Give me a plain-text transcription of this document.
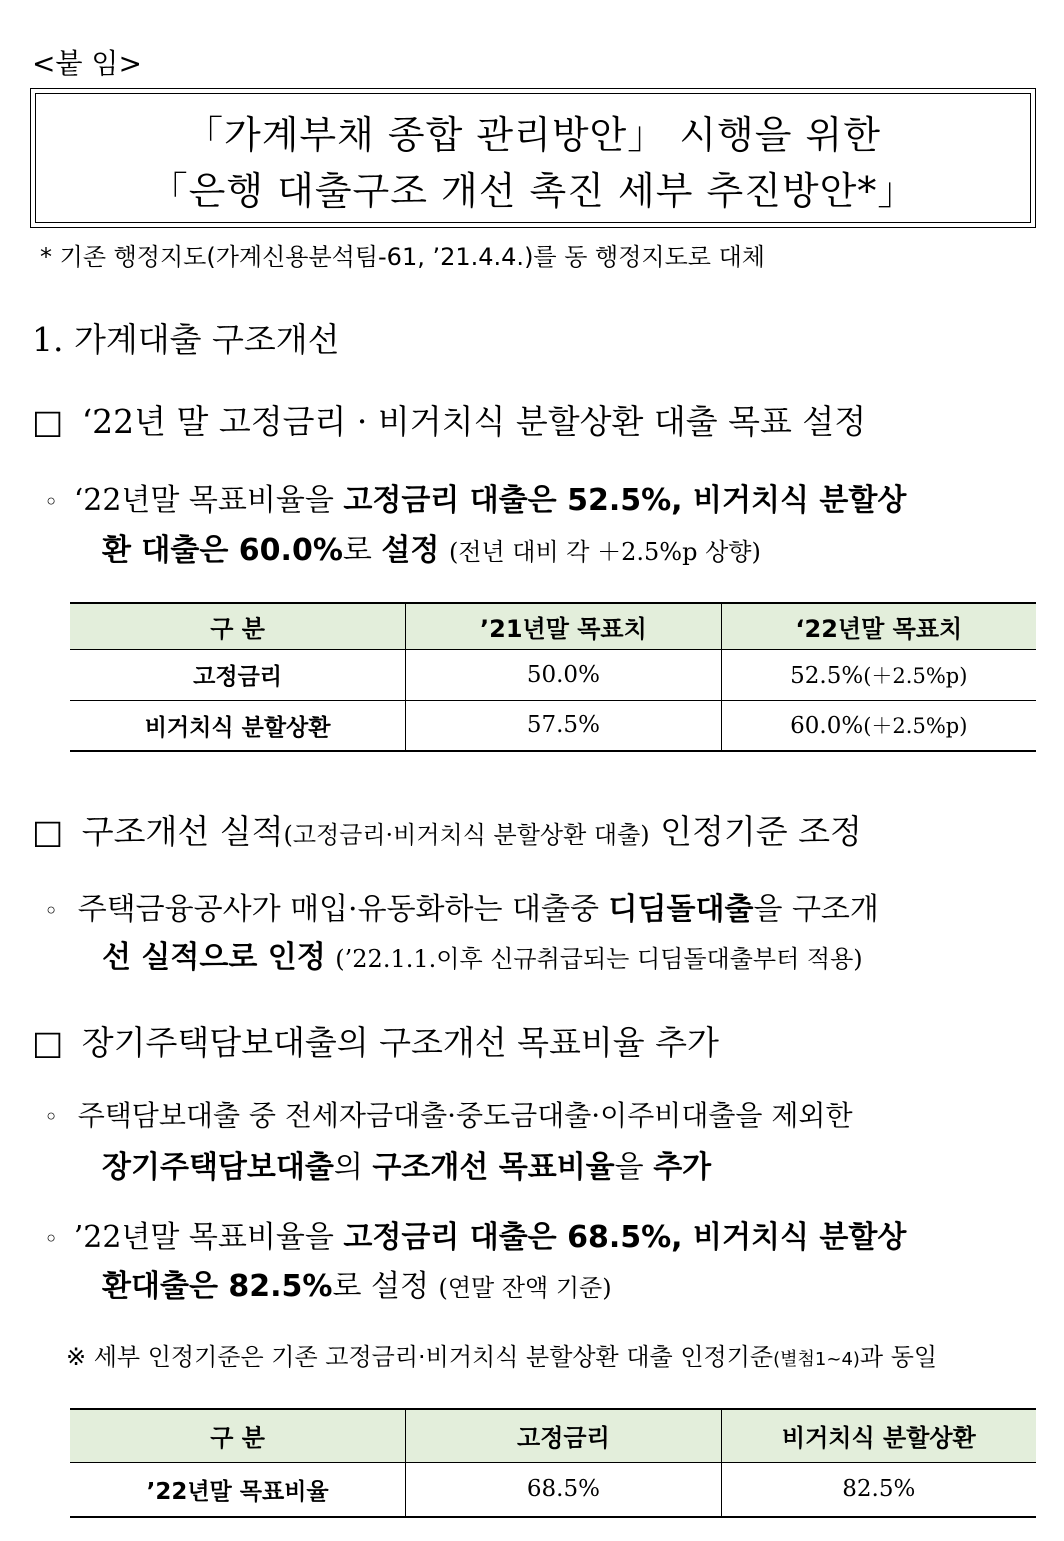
<붙 임>
「가계부채 종합 관리방안」 시행을 위한
「은행 대출구조 개선 촉진 세부 추진방안*」
* 기존 행정지도(가계신용분석팀-61, ’21.4.4.)를 동 행정지도로 대체
1. 가계대출 구조개선
□ ‘22년 말 고정금리 · 비거치식 분할상환 대출 목표 설정
◦ ‘22년말 목표비율을 고정금리 대출은 52.5%, 비거치식 분할상
환 대출은 60.0%로 설정 (전년 대비 각 ＋2.5%p 상향)
구 분	’21년말 목표치	‘22년말 목표치
고정금리	50.0%	52.5%(＋2.5%p)
비거치식 분할상환	57.5%	60.0%(＋2.5%p)
□ 구조개선 실적(고정금리·비거치식 분할상환 대출) 인정기준 조정
◦ 주택금융공사가 매입·유동화하는 대출중 디딤돌대출을 구조개
선 실적으로 인정 (’22.1.1.이후 신규취급되는 디딤돌대출부터 적용)
□ 장기주택담보대출의 구조개선 목표비율 추가
◦ 주택담보대출 중 전세자금대출·중도금대출·이주비대출을 제외한
장기주택담보대출의 구조개선 목표비율을 추가
◦ ’22년말 목표비율을 고정금리 대출은 68.5%, 비거치식 분할상
환대출은 82.5%로 설정 (연말 잔액 기준)
※ 세부 인정기준은 기존 고정금리·비거치식 분할상환 대출 인정기준(별첨1~4)과 동일
구 분	고정금리	비거치식 분할상환
’22년말 목표비율	68.5%	82.5%
